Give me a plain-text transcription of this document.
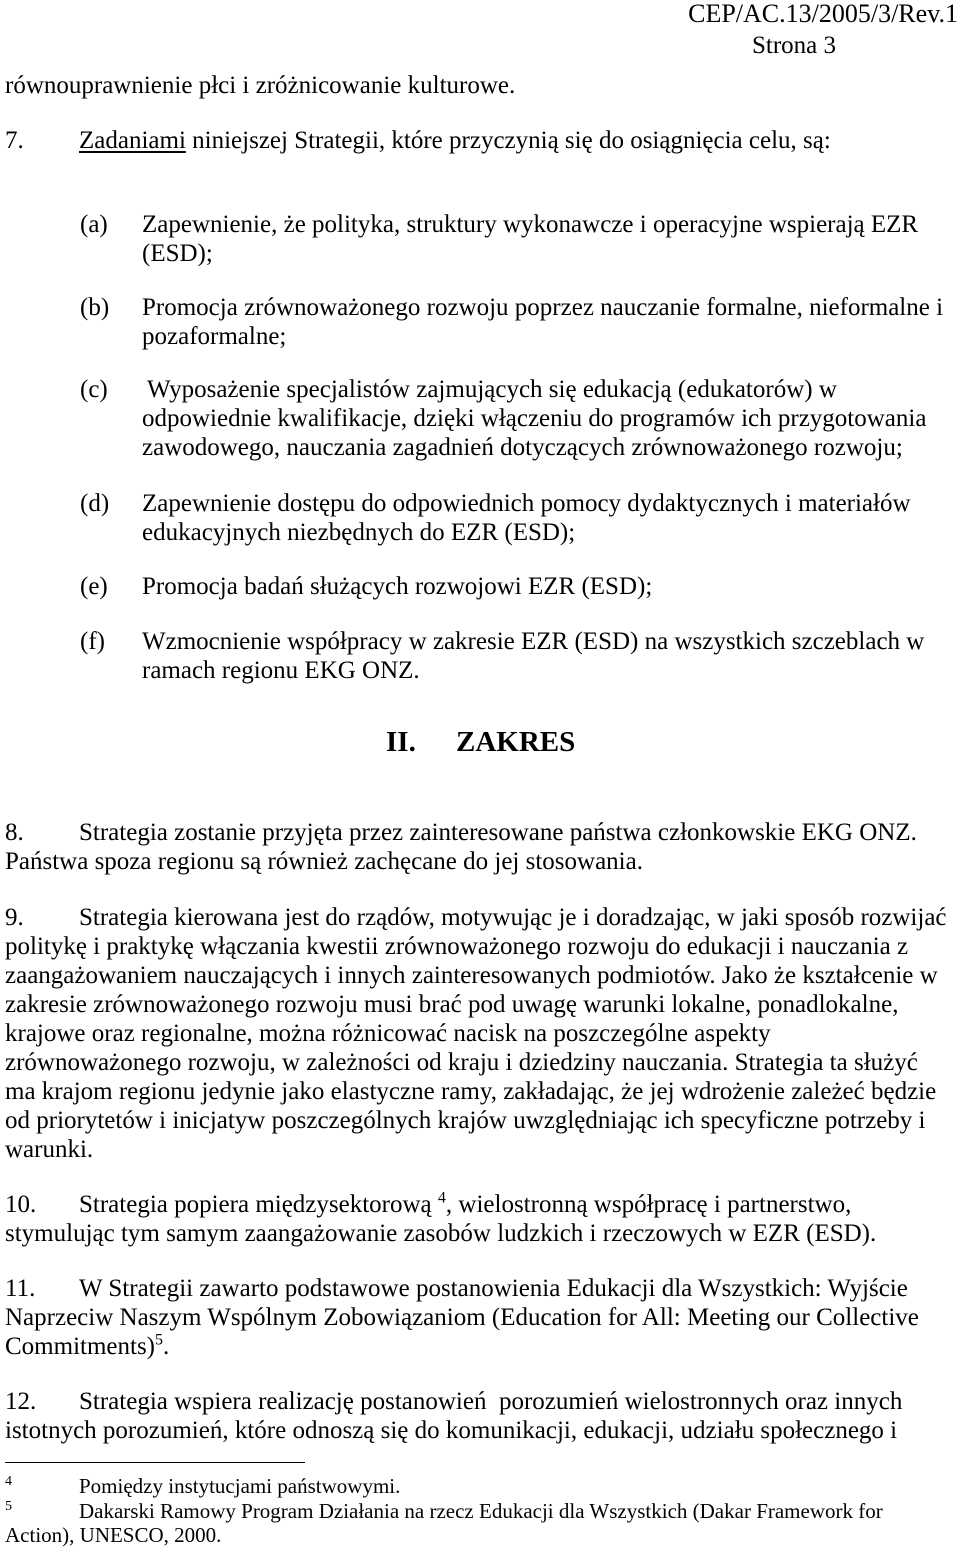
CEP/AC.13/2005/3/Rev.1
Strona 3
równouprawnienie płci i zróżnicowanie kulturowe.
7.	Zadaniami niniejszej Strategii, które przyczynią się do osiągnięcia celu, są:
(a) Zapewnienie, że polityka, struktury wykonawcze i operacyjne wspierają EZR
(ESD);
(b) Promocja zrównoważonego rozwoju poprzez nauczanie formalne, nieformalne i
pozaformalne;
(c) Wyposażenie specjalistów zajmujących się edukacją (edukatorów) w
odpowiednie kwalifikacje, dzięki włączeniu do programów ich przygotowania
zawodowego, nauczania zagadnień dotyczących zrównoważonego rozwoju;
(d) Zapewnienie dostępu do odpowiednich pomocy dydaktycznych i materiałów
edukacyjnych niezbędnych do EZR (ESD);
(e) Promocja badań służących rozwojowi EZR (ESD);
(f) Wzmocnienie współpracy w zakresie EZR (ESD) na wszystkich szczeblach w
ramach regionu EKG ONZ.
II.	ZAKRES
8.	Strategia zostanie przyjęta przez zainteresowane państwa członkowskie EKG ONZ.
Państwa spoza regionu są również zachęcane do jej stosowania.
9.	Strategia kierowana jest do rządów, motywując je i doradzając, w jaki sposób rozwijać
politykę i praktykę włączania kwestii zrównoważonego rozwoju do edukacji i nauczania z
zaangażowaniem nauczających i innych zainteresowanych podmiotów. Jako że kształcenie w
zakresie zrównoważonego rozwoju musi brać pod uwagę warunki lokalne, ponadlokalne,
krajowe oraz regionalne, można różnicować nacisk na poszczególne aspekty
zrównoważonego rozwoju, w zależności od kraju i dziedziny nauczania. Strategia ta służyć
ma krajom regionu jedynie jako elastyczne ramy, zakładając, że jej wdrożenie zależeć będzie
od priorytetów i inicjatyw poszczególnych krajów uwzględniając ich specyficzne potrzeby i
warunki.
10.	Strategia popiera międzysektorową $^4$, wielostronną współpracę i partnerstwo,
stymulując tym samym zaangażowanie zasobów ludzkich i rzeczowych w EZR (ESD).
11.	W Strategii zawarto podstawowe postanowienia Edukacji dla Wszystkich: Wyjście
Naprzeciw Naszym Wspólnym Zobowiązaniom (Education for All: Meeting our Collective
Commitments)$^5$.
12.	Strategia wspiera realizację postanowień  porozumień wielostronnych oraz innych
istotnych porozumień, które odnoszą się do komunikacji, edukacji, udziału społecznego i
$^4$	Pomiędzy instytucjami państwowymi.
$^5$	Dakarski Ramowy Program Działania na rzecz Edukacji dla Wszystkich (Dakar Framework for
Action), UNESCO, 2000.
